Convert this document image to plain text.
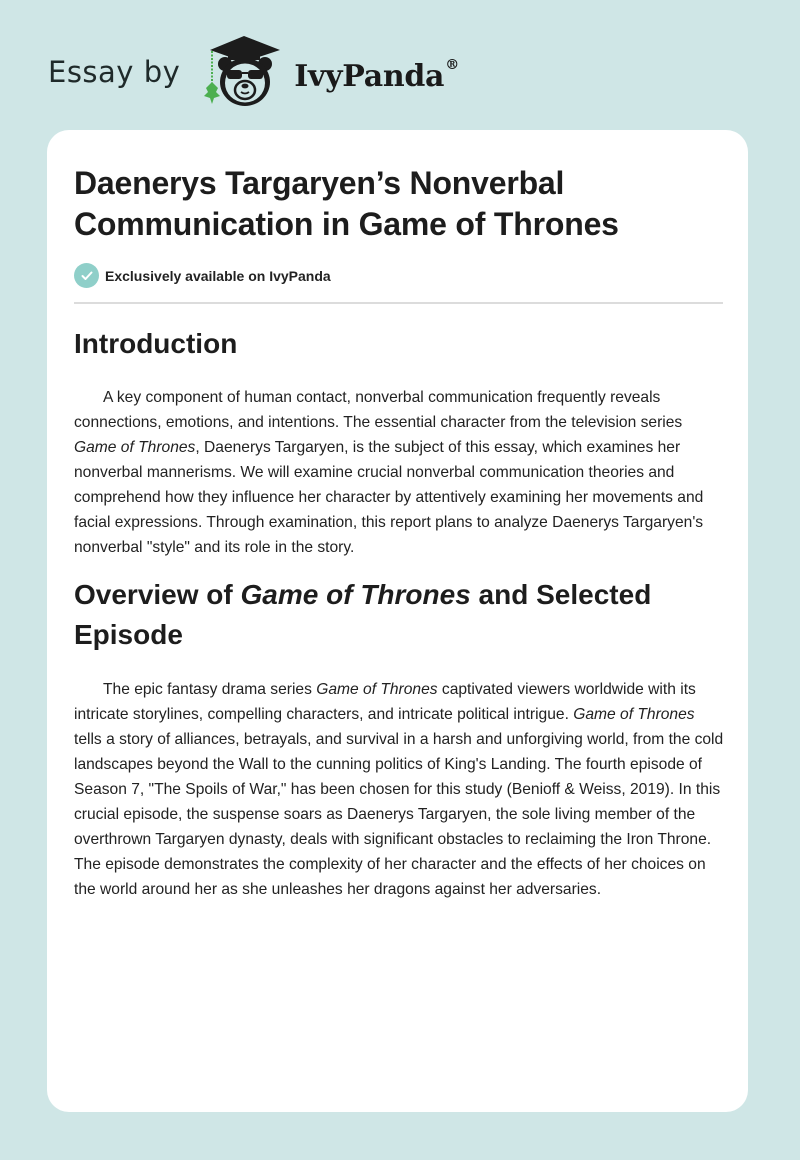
Essay by	IvyPanda®
Daenerys Targaryen’s Nonverbal Communication in Game of Thrones
Exclusively available on IvyPanda
Introduction

A key component of human contact, nonverbal communication frequently reveals connections, emotions, and intentions. The essential character from the television series Game of Thrones, Daenerys Targaryen, is the subject of this essay, which examines her nonverbal mannerisms. We will examine crucial nonverbal communication theories and comprehend how they influence her character by attentively examining her movements and facial expressions. Through examination, this report plans to analyze Daenerys Targaryen's nonverbal "style" and its role in the story.

Overview of Game of Thrones and Selected Episode

The epic fantasy drama series Game of Thrones captivated viewers worldwide with its intricate storylines, compelling characters, and intricate political intrigue. Game of Thrones tells a story of alliances, betrayals, and survival in a harsh and unforgiving world, from the cold landscapes beyond the Wall to the cunning politics of King's Landing. The fourth episode of Season 7, "The Spoils of War," has been chosen for this study (Benioff & Weiss, 2019). In this crucial episode, the suspense soars as Daenerys Targaryen, the sole living member of the overthrown Targaryen dynasty, deals with significant obstacles to reclaiming the Iron Throne. The episode demonstrates the complexity of her character and the effects of her choices on the world around her as she unleashes her dragons against her adversaries.
